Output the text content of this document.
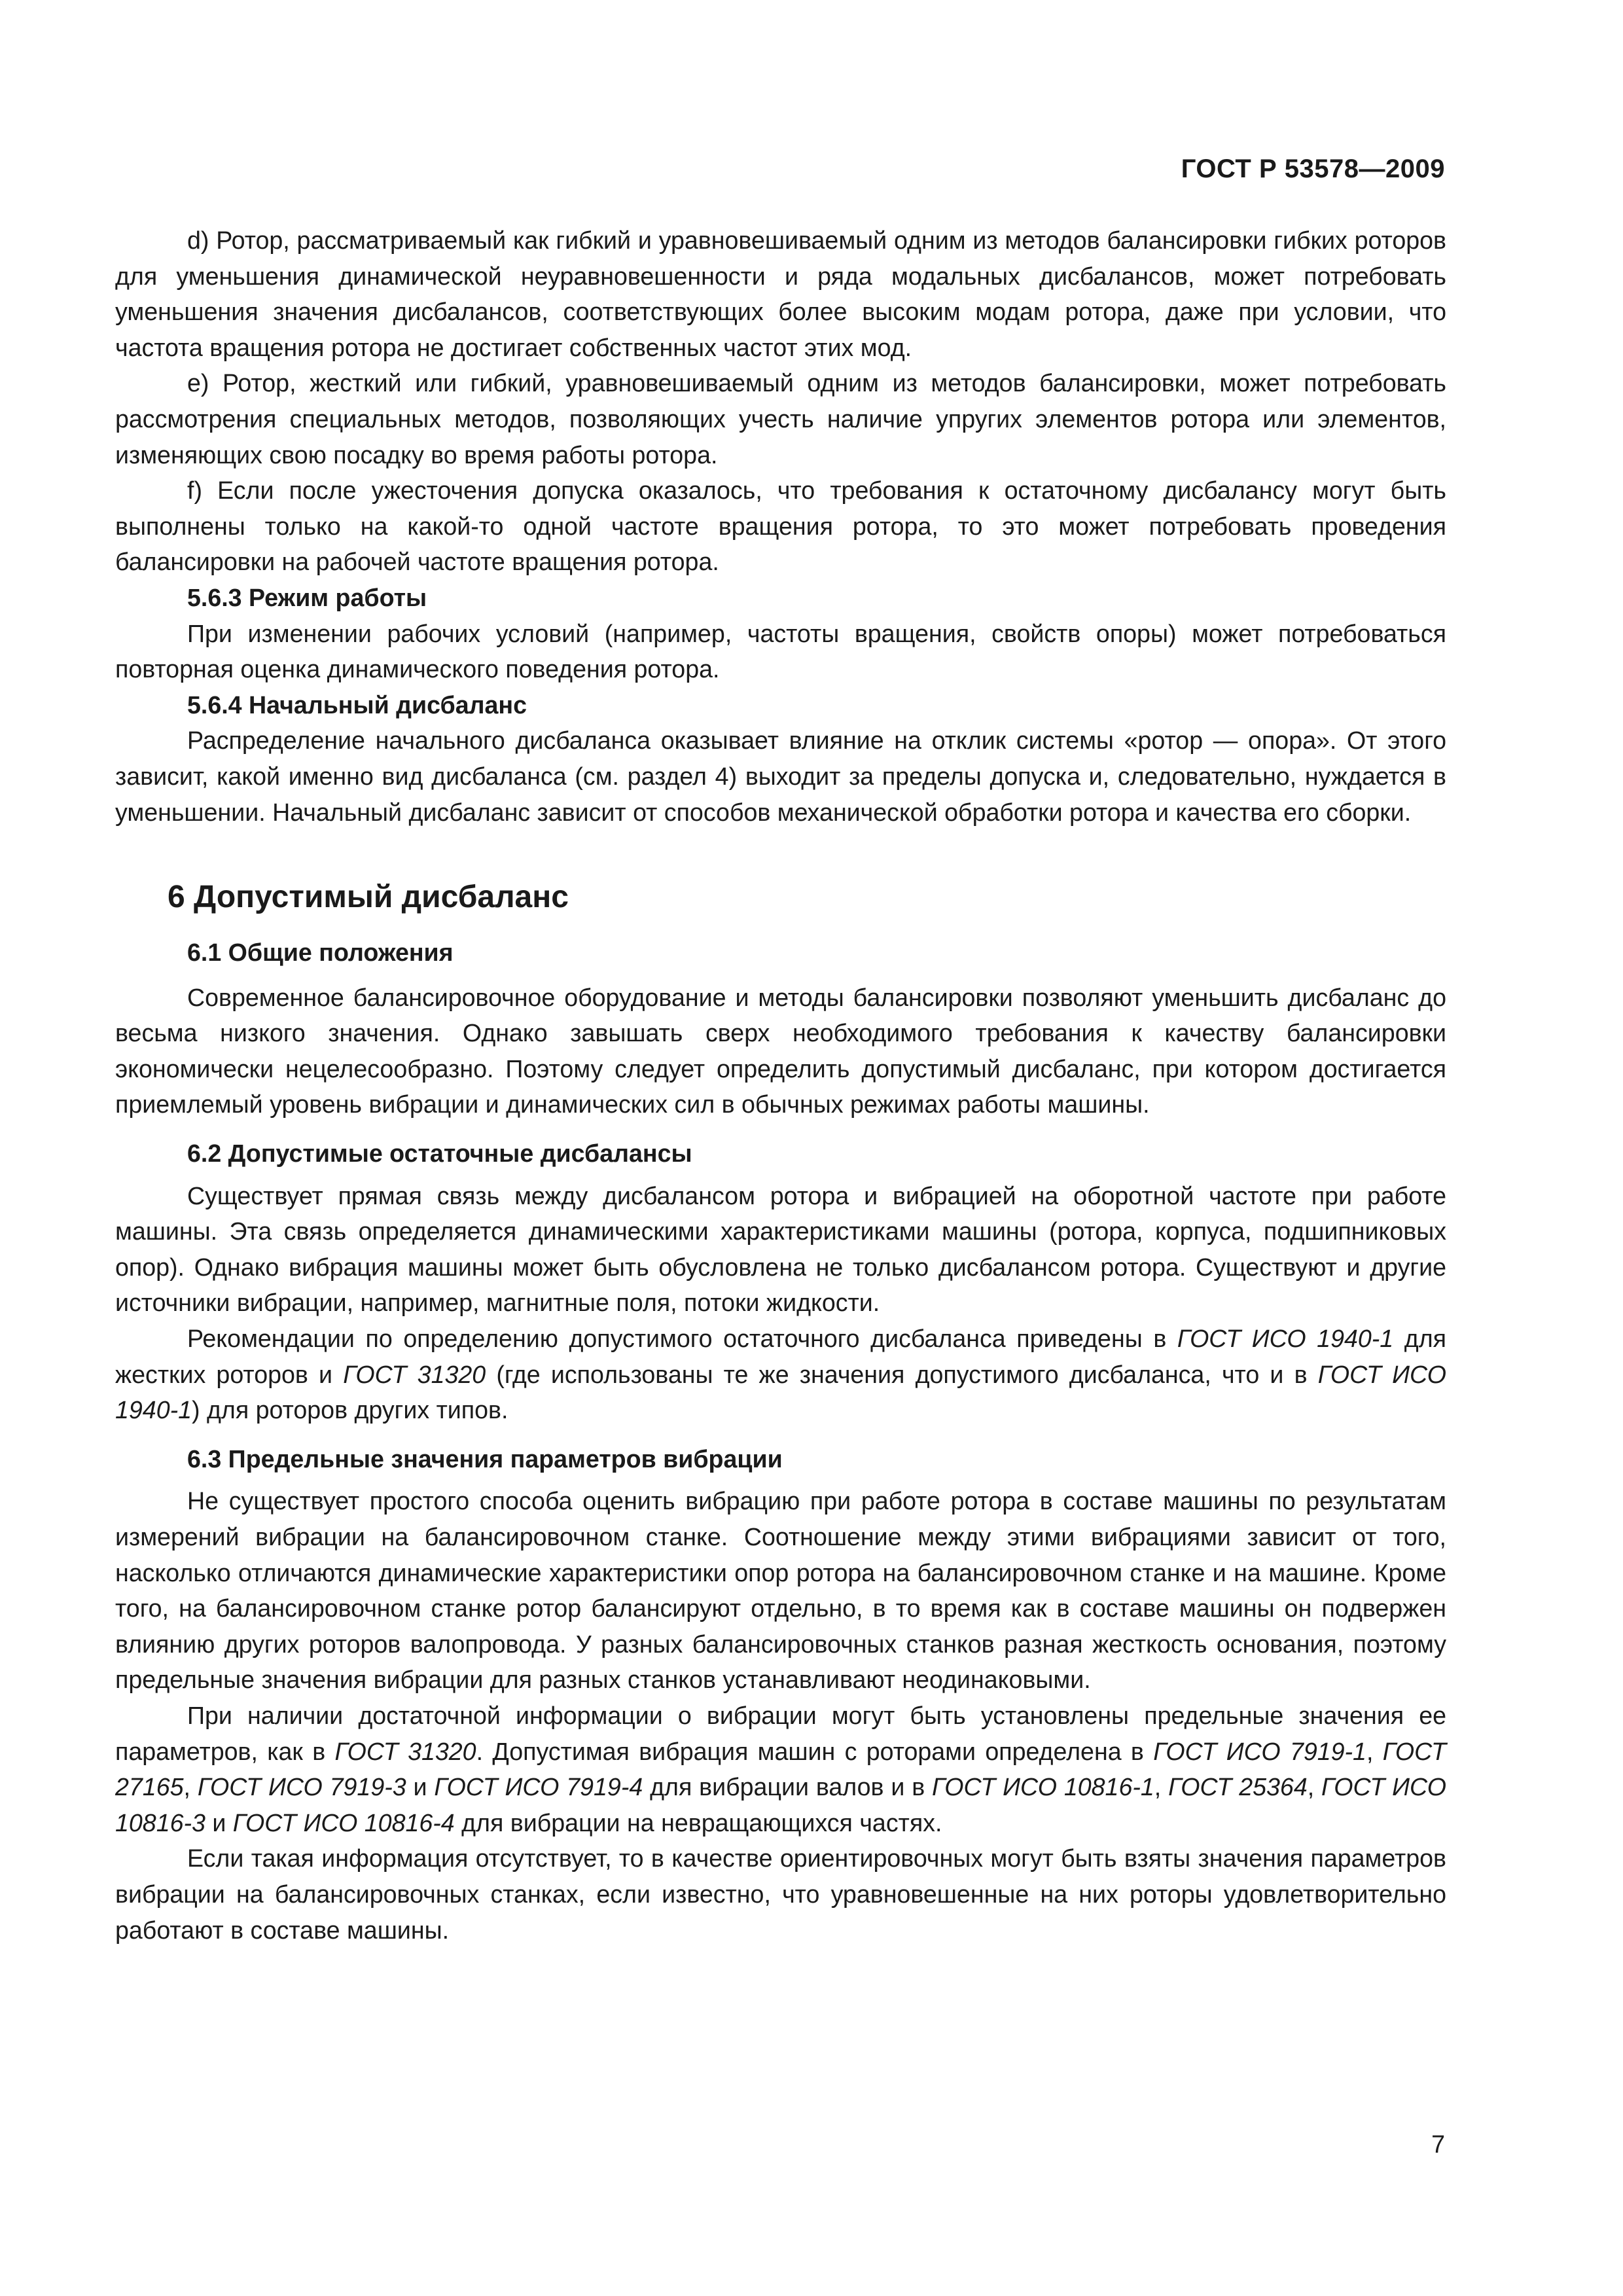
ГОСТ Р 53578—2009

d) Ротор, рассматриваемый как гибкий и уравновешиваемый одним из методов балансировки гибких роторов для уменьшения динамической неуравновешенности и ряда модальных дисбалансов, может потребовать уменьшения значения дисбалансов, соответствующих более высоким модам ротора, даже при условии, что частота вращения ротора не достигает собственных частот этих мод.

e) Ротор, жесткий или гибкий, уравновешиваемый одним из методов балансировки, может потребовать рассмотрения специальных методов, позволяющих учесть наличие упругих элементов ротора или элементов, изменяющих свою посадку во время работы ротора.

f) Если после ужесточения допуска оказалось, что требования к остаточному дисбалансу могут быть выполнены только на какой-то одной частоте вращения ротора, то это может потребовать проведения балансировки на рабочей частоте вращения ротора.

5.6.3 Режим работы

При изменении рабочих условий (например, частоты вращения, свойств опоры) может потребоваться повторная оценка динамического поведения ротора.

5.6.4 Начальный дисбаланс

Распределение начального дисбаланса оказывает влияние на отклик системы «ротор — опора». От этого зависит, какой именно вид дисбаланса (см. раздел 4) выходит за пределы допуска и, следовательно, нуждается в уменьшении. Начальный дисбаланс зависит от способов механической обработки ротора и качества его сборки.

6 Допустимый дисбаланс

6.1 Общие положения

Современное балансировочное оборудование и методы балансировки позволяют уменьшить дисбаланс до весьма низкого значения. Однако завышать сверх необходимого требования к качеству балансировки экономически нецелесообразно. Поэтому следует определить допустимый дисбаланс, при котором достигается приемлемый уровень вибрации и динамических сил в обычных режимах работы машины.

6.2 Допустимые остаточные дисбалансы

Существует прямая связь между дисбалансом ротора и вибрацией на оборотной частоте при работе машины. Эта связь определяется динамическими характеристиками машины (ротора, корпуса, подшипниковых опор). Однако вибрация машины может быть обусловлена не только дисбалансом ротора. Существуют и другие источники вибрации, например, магнитные поля, потоки жидкости.

Рекомендации по определению допустимого остаточного дисбаланса приведены в ГОСТ ИСО 1940-1 для жестких роторов и ГОСТ 31320 (где использованы те же значения допустимого дисбаланса, что и в ГОСТ ИСО 1940-1) для роторов других типов.

6.3 Предельные значения параметров вибрации

Не существует простого способа оценить вибрацию при работе ротора в составе машины по результатам измерений вибрации на балансировочном станке. Соотношение между этими вибрациями зависит от того, насколько отличаются динамические характеристики опор ротора на балансировочном станке и на машине. Кроме того, на балансировочном станке ротор балансируют отдельно, в то время как в составе машины он подвержен влиянию других роторов валопровода. У разных балансировочных станков разная жесткость основания, поэтому предельные значения вибрации для разных станков устанавливают неодинаковыми.

При наличии достаточной информации о вибрации могут быть установлены предельные значения ее параметров, как в ГОСТ 31320. Допустимая вибрация машин с роторами определена в ГОСТ ИСО 7919-1, ГОСТ 27165, ГОСТ ИСО 7919-3 и ГОСТ ИСО 7919-4 для вибрации валов и в ГОСТ ИСО 10816-1, ГОСТ 25364, ГОСТ ИСО 10816-3 и ГОСТ ИСО 10816-4 для вибрации на невращающихся частях.

Если такая информация отсутствует, то в качестве ориентировочных могут быть взяты значения параметров вибрации на балансировочных станках, если известно, что уравновешенные на них роторы удовлетворительно работают в составе машины.

7
